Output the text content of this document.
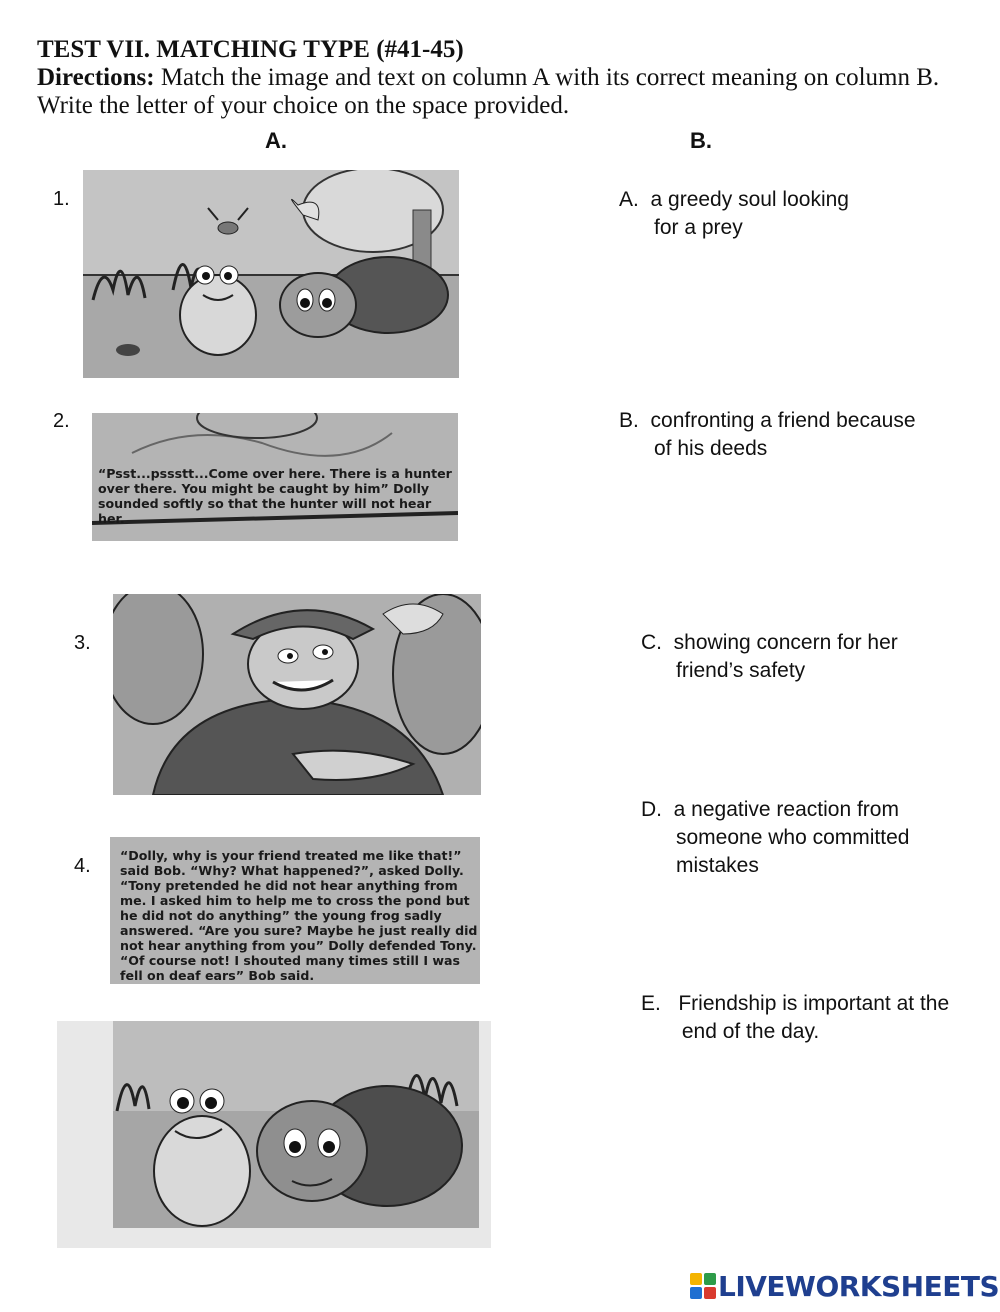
TEST VII. MATCHING TYPE (#41-45)
Directions: Match the image and text on column A with its correct meaning on column B. Write the letter of your choice on the space provided.
A.	B.
1.
2.
3.
4.
“Psst...pssstt...Come over here. There is a hunter over there. You might be caught by him” Dolly sounded softly so that the hunter will not hear her.
“Dolly, why is your friend treated me like that!” said Bob. “Why? What happened?”, asked Dolly. “Tony pretended he did not hear anything from me. I asked him to help me to cross the pond but he did not do anything” the young frog sadly answered. “Are you sure? Maybe he just really did not hear anything from you” Dolly defended Tony. “Of course not! I shouted many times still I was fell on deaf ears” Bob said.
A.  a greedy soul looking
for a prey
B.  confronting a friend because
of his deeds
C.  showing concern for her
friend’s safety
D.  a negative reaction from
someone who committed
mistakes
E.   Friendship is important at the
end of the day.
LIVEWORKSHEETS
